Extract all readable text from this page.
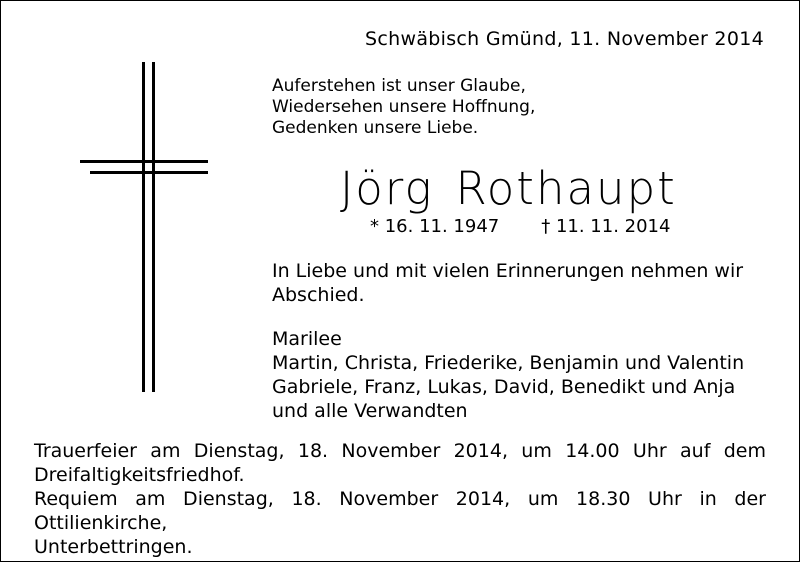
Schwäbisch Gmünd, 11. November 2014
Auferstehen ist unser Glaube,
Wiedersehen unsere Hoffnung,
Gedenken unsere Liebe.
Jörg Rothaupt
* 16. 11. 1947 † 11. 11. 2014
In Liebe und mit vielen Erinnerungen nehmen wir Abschied.
Marilee
Martin, Christa, Friederike, Benjamin und Valentin
Gabriele, Franz, Lukas, David, Benedikt und Anja
und alle Verwandten
Trauerfeier am Dienstag, 18. November 2014, um 14.00 Uhr auf dem
Dreifaltigkeitsfriedhof.
Requiem am Dienstag, 18. November 2014, um 18.30 Uhr in der Ottilienkirche,
Unterbettringen.
